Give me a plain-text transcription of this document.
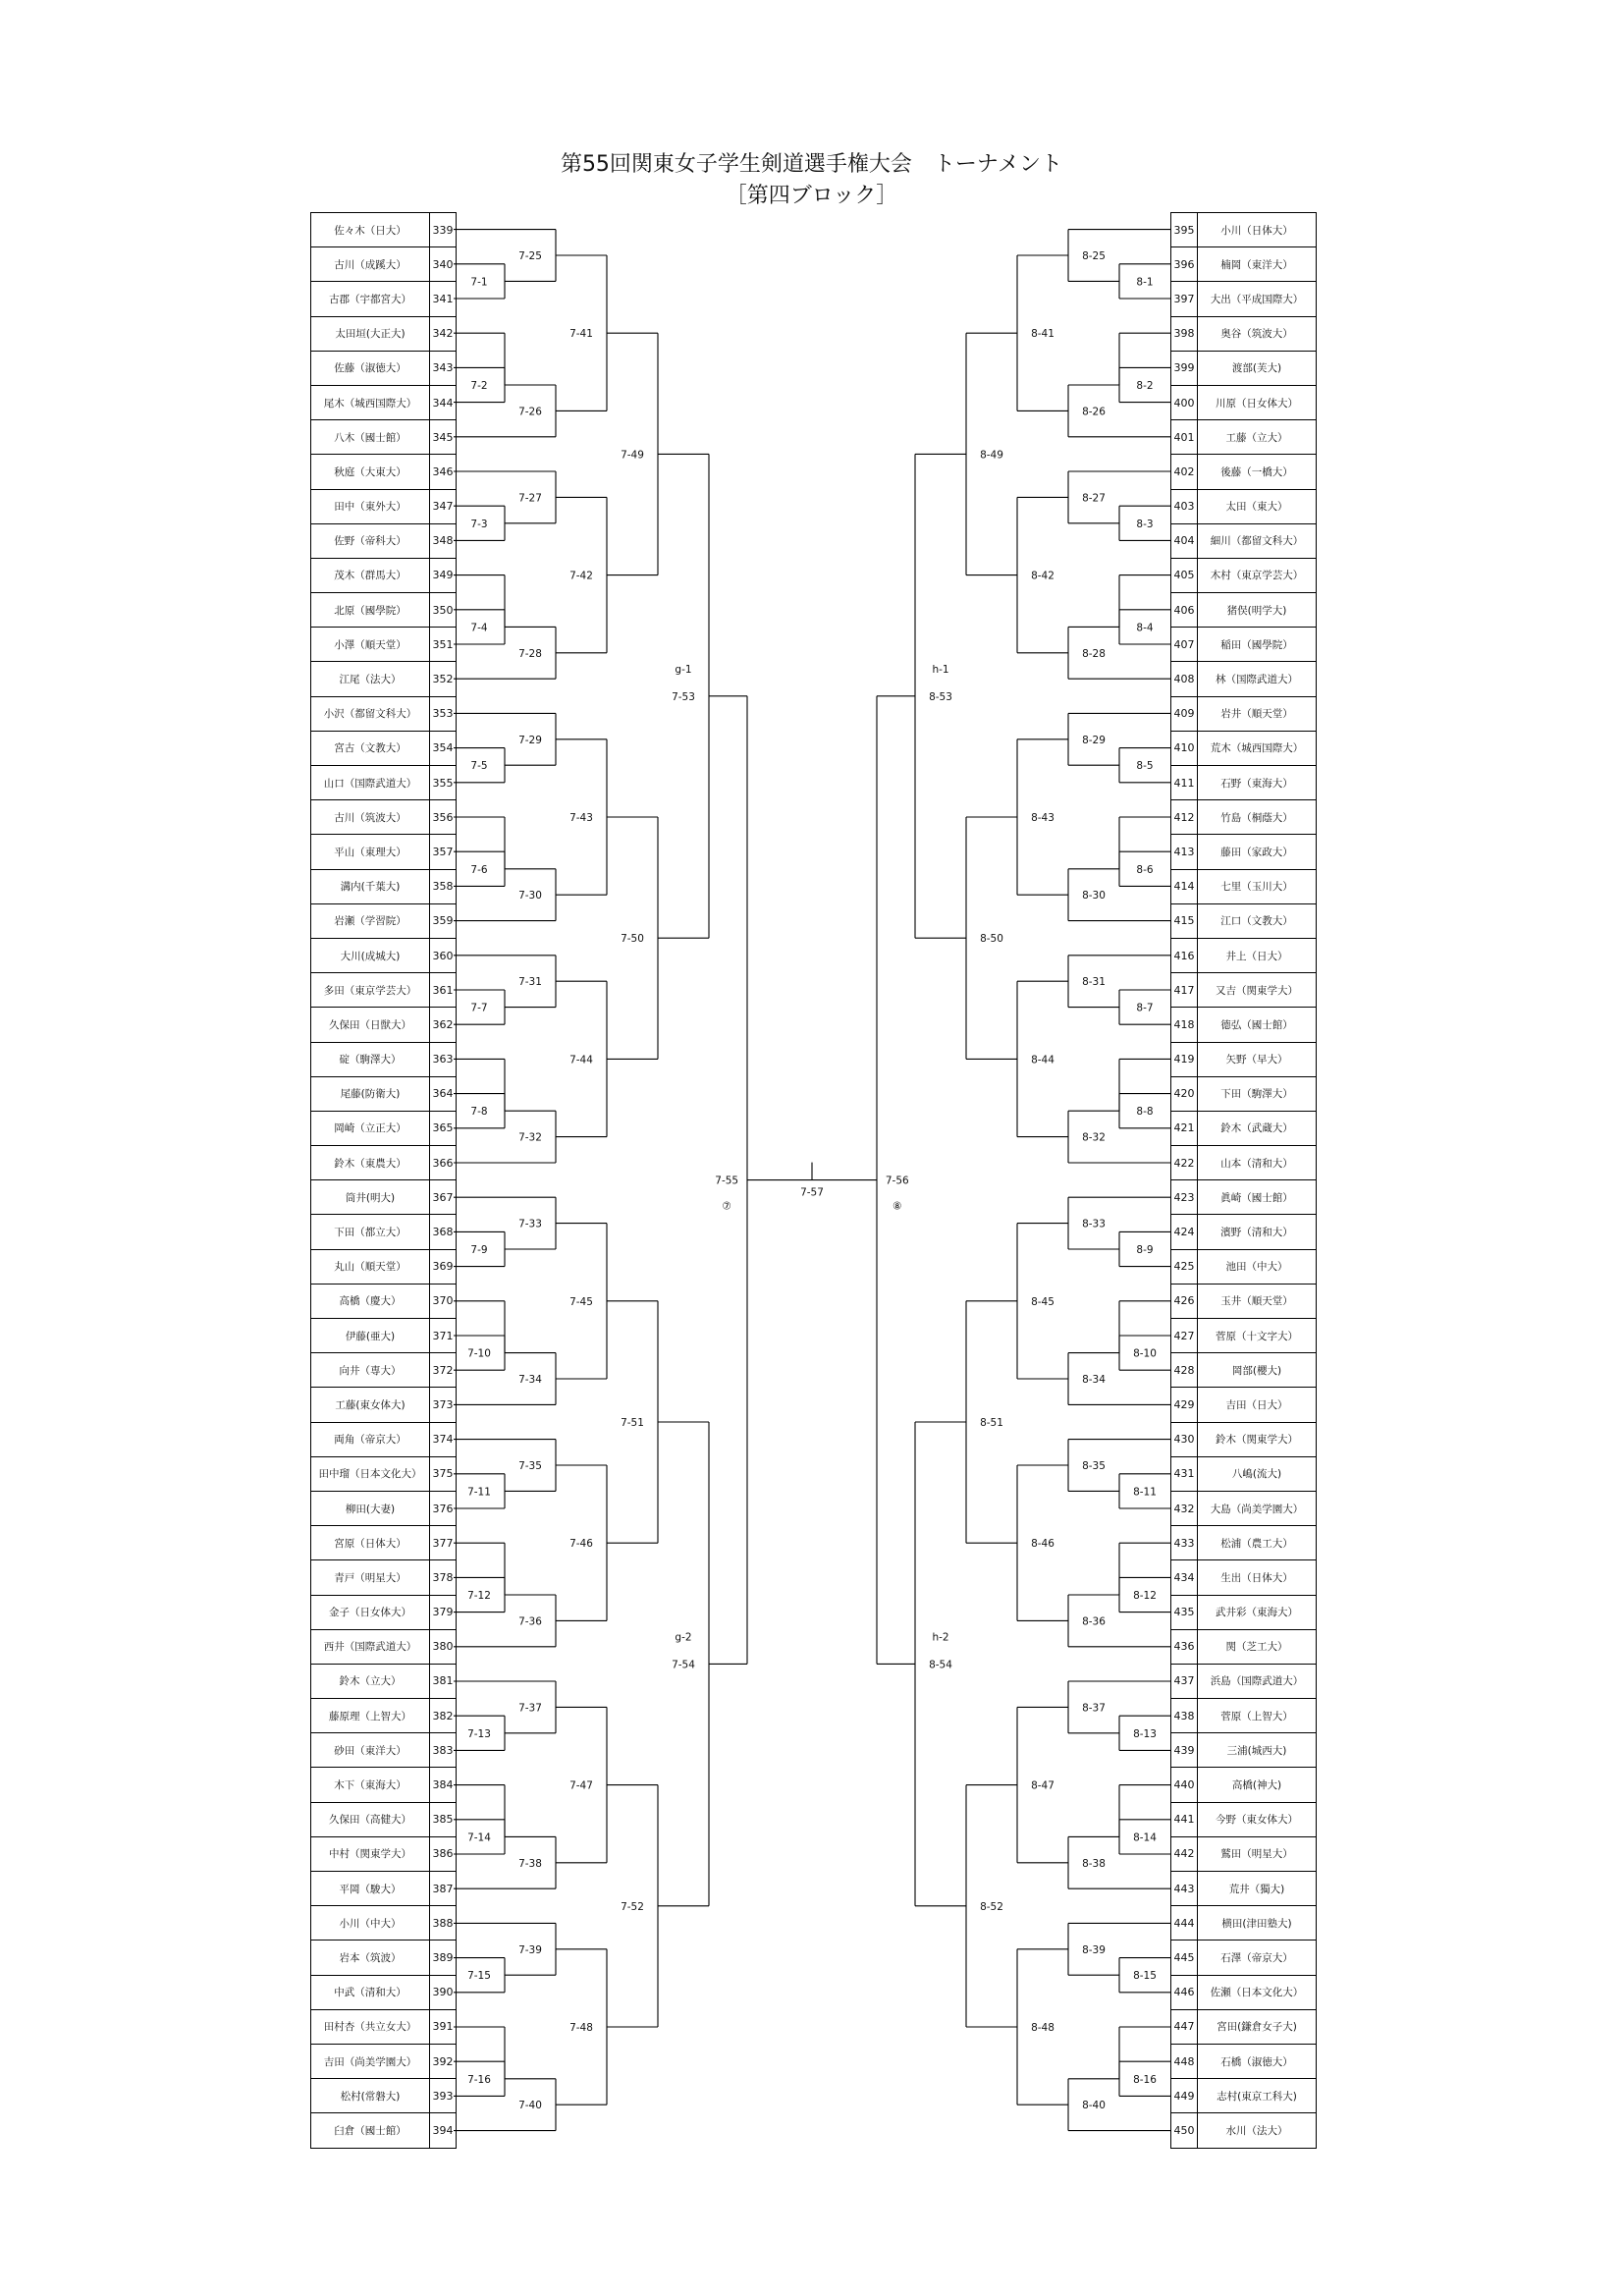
第55回関東女子学生剣道選手権大会　トーナメント
［第四ブロック］
佐々木（日大）	339
古川（成蹊大）	340
古郡（宇都宮大）	341
太田垣(大正大)	342
佐藤（淑徳大）	343
尾木（城西国際大）	344
八木（國士館）	345
秋庭（大東大）	346
田中（東外大）	347
佐野（帝科大）	348
茂木（群馬大）	349
北原（國學院）	350
小澤（順天堂）	351
江尾（法大）	352
小沢（都留文科大）	353
宮古（文教大）	354
山口（国際武道大）	355
古川（筑波大）	356
平山（東理大）	357
溝内(千葉大)	358
岩瀬（学習院）	359
大川(成城大)	360
多田（東京学芸大）	361
久保田（日獣大）	362
碇（駒澤大）	363
尾藤(防衛大)	364
岡崎（立正大）	365
鈴木（東農大）	366
筒井(明大)	367
下田（都立大）	368
丸山（順天堂）	369
高橋（慶大）	370
伊藤(亜大)	371
向井（専大）	372
工藤(東女体大)	373
両角（帝京大）	374
田中瑠（日本文化大）	375
柳田(大妻)	376
宮原（日体大）	377
青戸（明星大）	378
金子（日女体大）	379
西井（国際武道大）	380
鈴木（立大）	381
藤原理（上智大）	382
砂田（東洋大）	383
木下（東海大）	384
久保田（高健大）	385
中村（関東学大）	386
平岡（駿大）	387
小川（中大）	388
岩本（筑波）	389
中武（清和大）	390
田村杏（共立女大）	391
吉田（尚美学園大）	392
松村(常磐大)	393
臼倉（國士館）	394
395	小川（日体大）
396	楠岡（東洋大）
397	大出（平成国際大）
398	奥谷（筑波大）
399	渡部(芙大)
400	川原（日女体大）
401	工藤（立大）
402	後藤（一橋大）
403	太田（東大）
404	細川（都留文科大）
405	木村（東京学芸大）
406	猪俣(明学大)
407	稲田（國學院）
408	林（国際武道大）
409	岩井（順天堂）
410	荒木（城西国際大）
411	石野（東海大）
412	竹島（桐蔭大）
413	藤田（家政大）
414	七里（玉川大）
415	江口（文教大）
416	井上（日大）
417	又吉（関東学大）
418	德弘（國士館）
419	矢野（早大）
420	下田（駒澤大）
421	鈴木（武蔵大）
422	山本（清和大）
423	眞崎（國士館）
424	濱野（清和大）
425	池田（中大）
426	玉井（順天堂）
427	菅原（十文字大）
428	岡部(櫻大)
429	吉田（日大）
430	鈴木（関東学大）
431	八嶋(流大)
432	大島（尚美学園大）
433	松浦（農工大）
434	生出（日体大）
435	武井彩（東海大）
436	関（芝工大）
437	浜島（国際武道大）
438	菅原（上智大）
439	三浦(城西大)
440	高橋(神大)
441	今野（東女体大）
442	鷲田（明星大）
443	荒井（獨大)
444	横田(津田塾大)
445	石澤（帝京大）
446	佐瀬（日本文化大）
447	宮田(鎌倉女子大)
448	石橋（淑徳大）
449	志村(東京工科大)
450	水川（法大）
7-1
7-2
7-25
7-26
7-3
7-4
7-27
7-28
7-5
7-6
7-29
7-30
7-7
7-8
7-31
7-32
7-9
7-10
7-33
7-34
7-11
7-12
7-35
7-36
7-13
7-14
7-37
7-38
7-15
7-16
7-39
7-40
7-41
7-42
7-43
7-44
7-45
7-46
7-47
7-48
7-49
7-50
7-51
7-52
7-53
g-1
7-54
g-2
7-55
⑦
8-1
8-2
8-25
8-26
8-3
8-4
8-27
8-28
8-5
8-6
8-29
8-30
8-7
8-8
8-31
8-32
8-9
8-10
8-33
8-34
8-11
8-12
8-35
8-36
8-13
8-14
8-37
8-38
8-15
8-16
8-39
8-40
8-41
8-42
8-43
8-44
8-45
8-46
8-47
8-48
8-49
8-50
8-51
8-52
8-53
h-1
8-54
h-2
7-56
⑧
7-57
